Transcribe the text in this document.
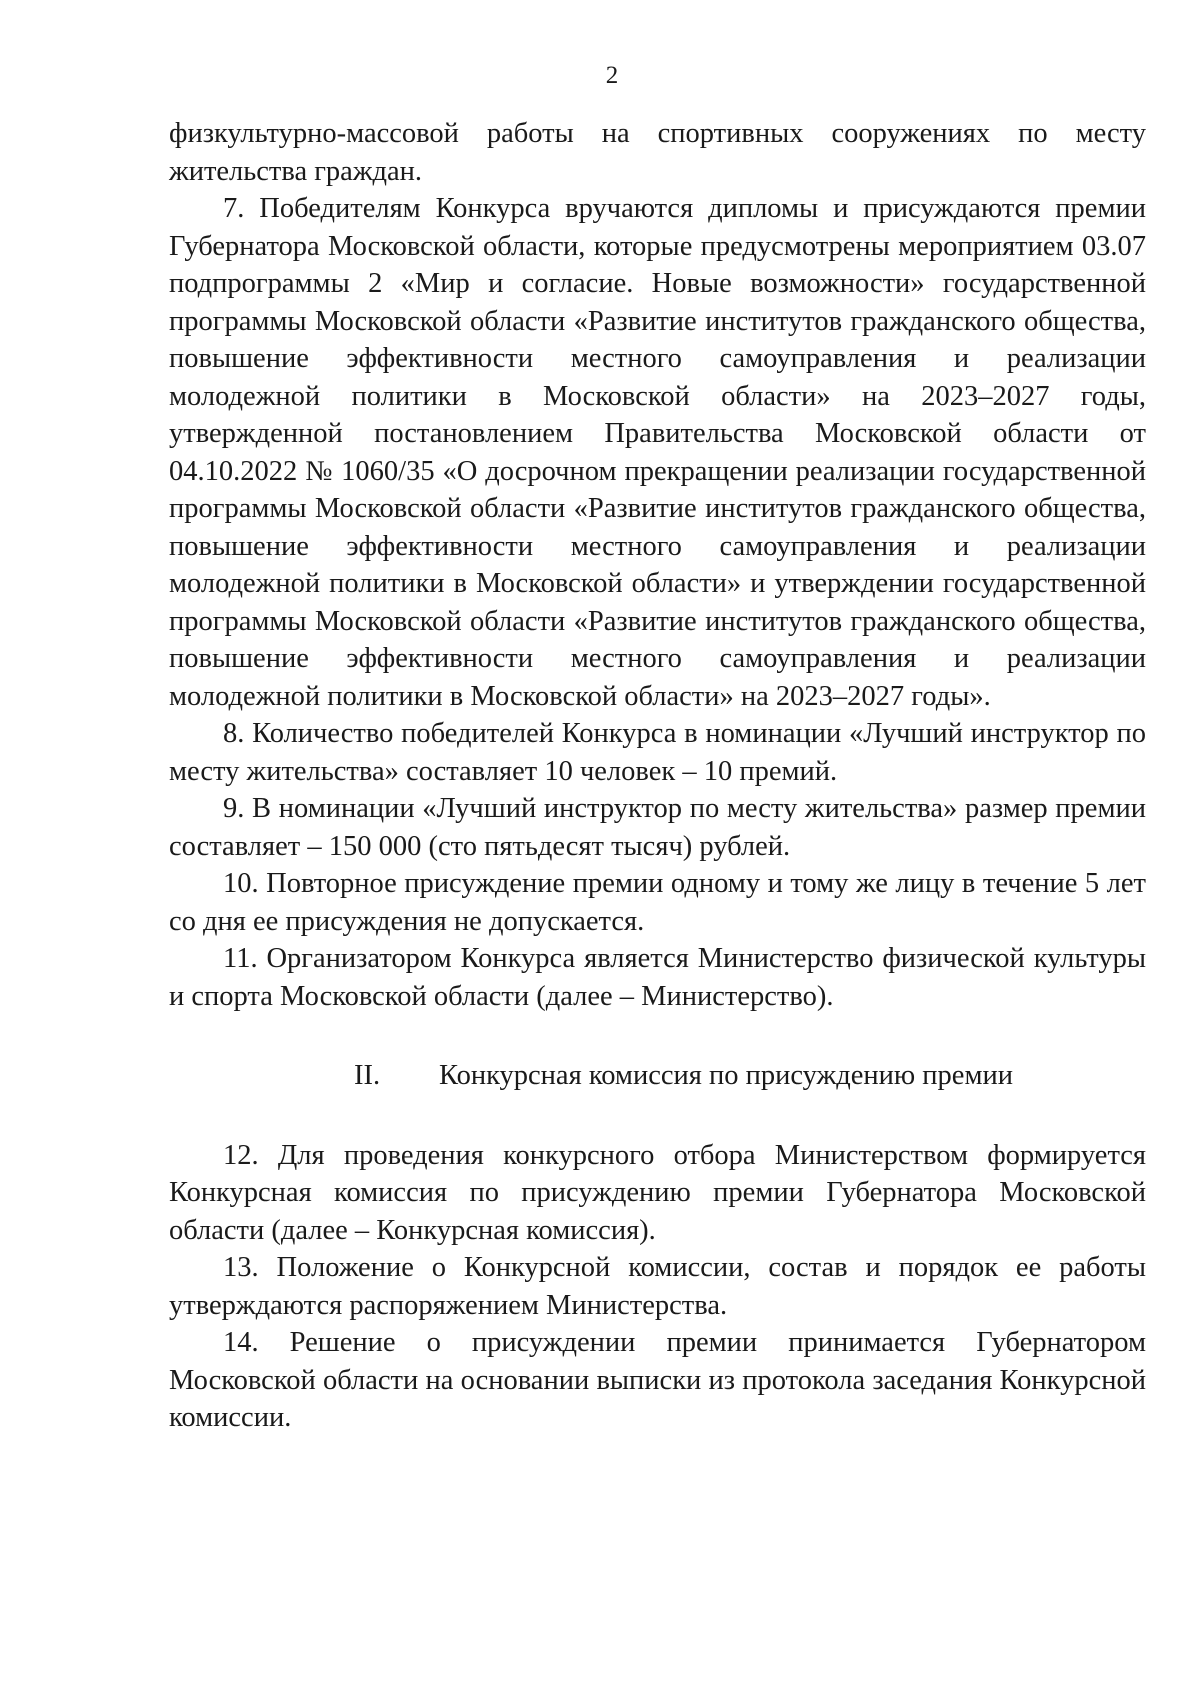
2

физкультурно-массовой работы на спортивных сооружениях по месту жительства граждан.

7. Победителям Конкурса вручаются дипломы и присуждаются премии Губернатора Московской области, которые предусмотрены мероприятием 03.07 подпрограммы 2 «Мир и согласие. Новые возможности» государственной программы Московской области «Развитие институтов гражданского общества, повышение эффективности местного самоуправления и реализации молодежной политики в Московской области» на 2023–2027 годы, утвержденной постановлением Правительства Московской области от 04.10.2022 № 1060/35 «О досрочном прекращении реализации государственной программы Московской области «Развитие институтов гражданского общества, повышение эффективности местного самоуправления и реализации молодежной политики в Московской области» и утверждении государственной программы Московской области «Развитие институтов гражданского общества, повышение эффективности местного самоуправления и реализации молодежной политики в Московской области» на 2023–2027 годы».

8. Количество победителей Конкурса в номинации «Лучший инструктор по месту жительства» составляет 10 человек – 10 премий.

9. В номинации «Лучший инструктор по месту жительства» размер премии составляет – 150 000 (сто пятьдесят тысяч) рублей.

10. Повторное присуждение премии одному и тому же лицу в течение 5 лет со дня ее присуждения не допускается.

11. Организатором Конкурса является Министерство физической культуры и спорта Московской области (далее – Министерство).

II. Конкурсная комиссия по присуждению премии

12. Для проведения конкурсного отбора Министерством формируется Конкурсная комиссия по присуждению премии Губернатора Московской области (далее – Конкурсная комиссия).

13. Положение о Конкурсной комиссии, состав и порядок ее работы утверждаются распоряжением Министерства.

14. Решение о присуждении премии принимается Губернатором Московской области на основании выписки из протокола заседания Конкурсной комиссии.
